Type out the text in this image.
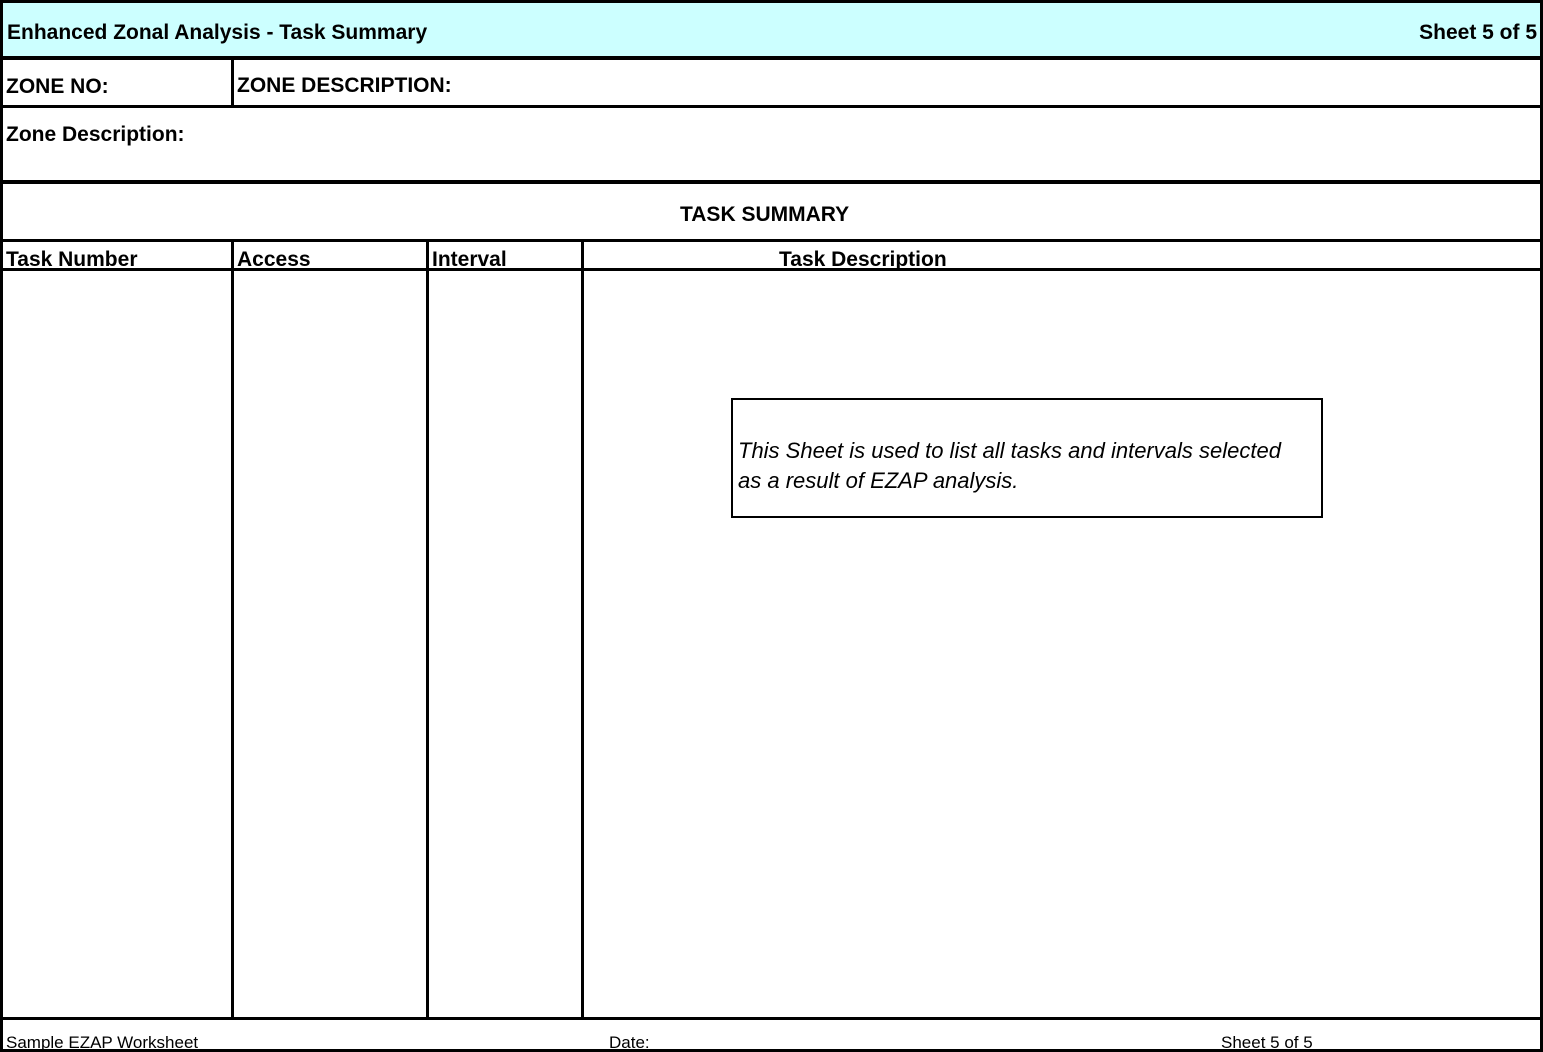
Enhanced Zonal Analysis - Task Summary	Sheet 5 of 5
ZONE NO:	ZONE DESCRIPTION:
Zone Description:
TASK SUMMARY
Task Number	Access	Interval	Task Description
This Sheet is used to list all tasks and intervals selected
as a result of EZAP analysis.
Sample EZAP Worksheet	Date:	Sheet 5 of 5
